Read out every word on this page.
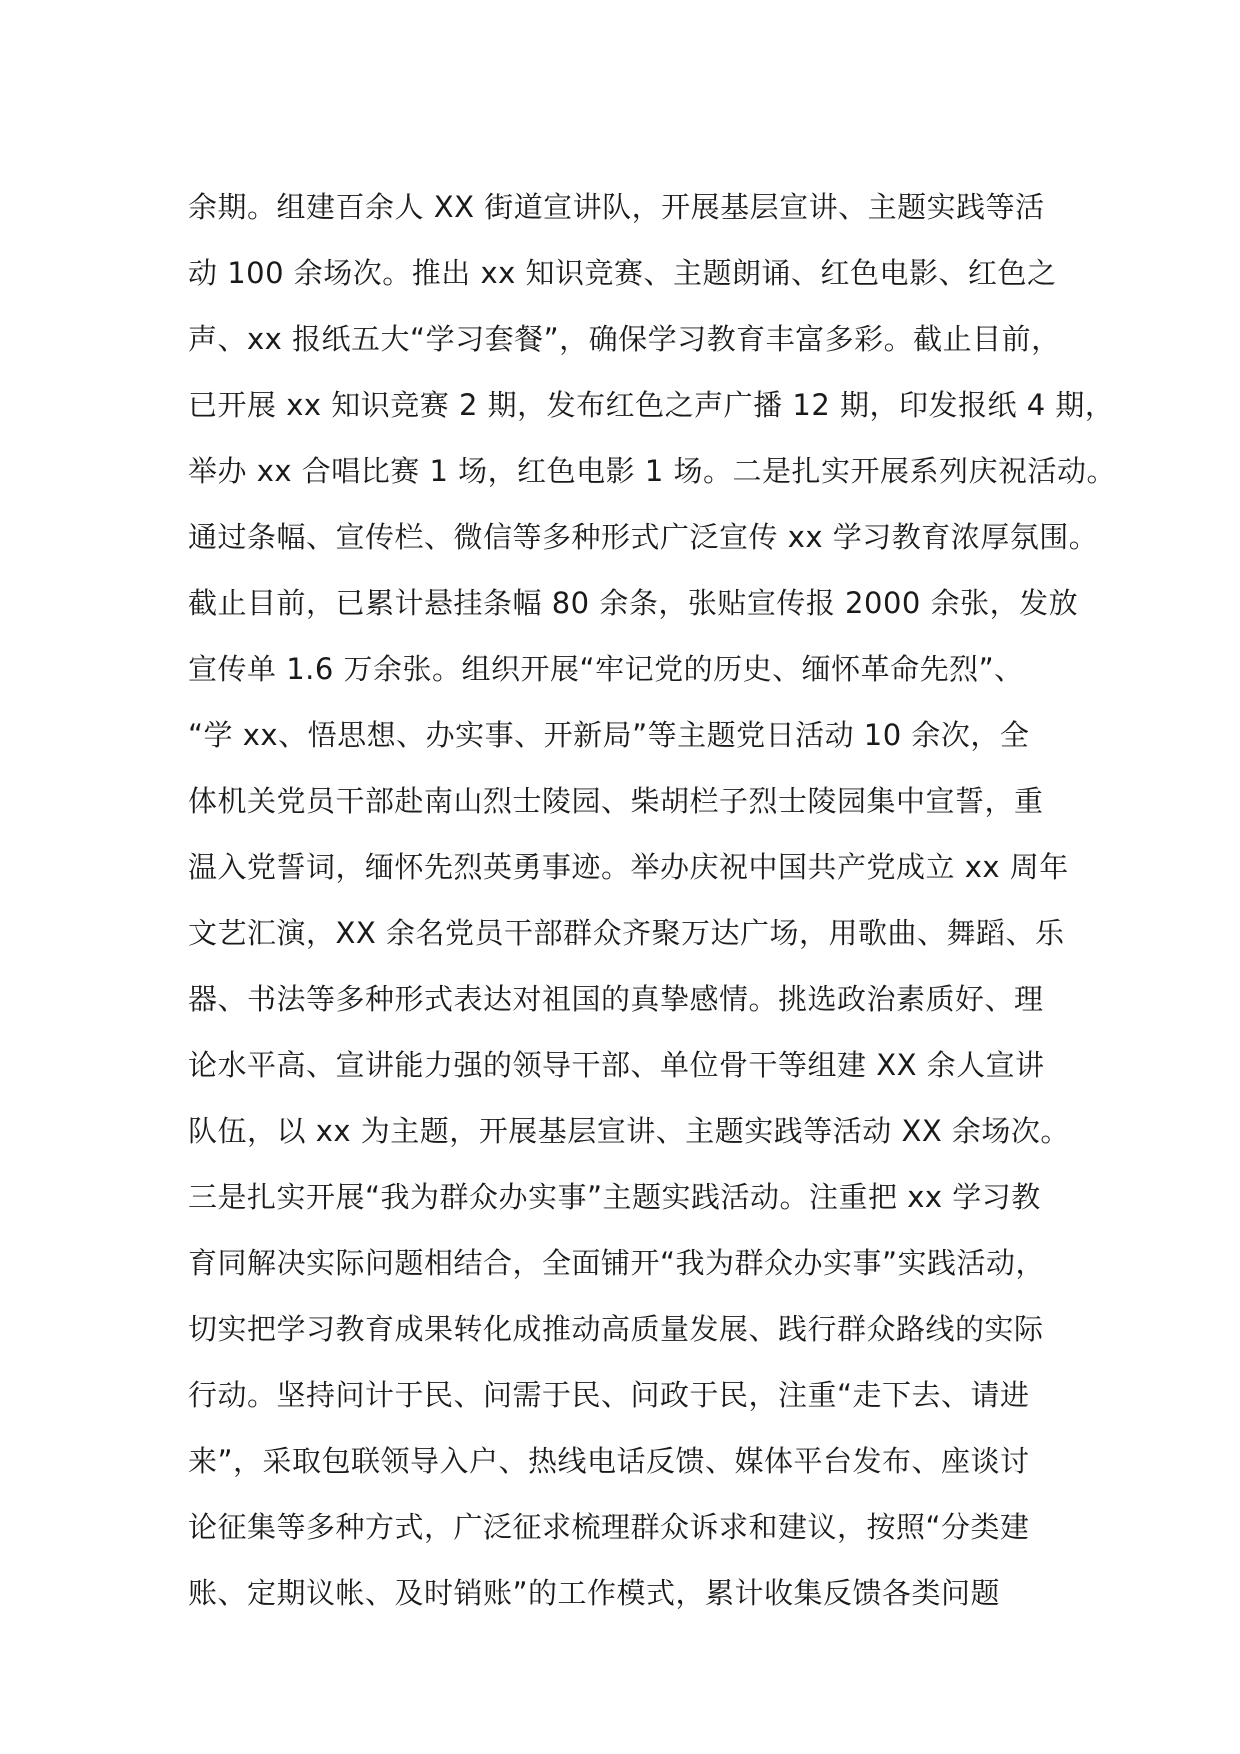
余期。组建百余人 XX 街道宣讲队，开展基层宣讲、主题实践等活
动 100 余场次。推出 xx 知识竞赛、主题朗诵、红色电影、红色之
声、xx 报纸五大“学习套餐”，确保学习教育丰富多彩。截止目前，
已开展 xx 知识竞赛 2 期，发布红色之声广播 12 期，印发报纸 4 期，
举办 xx 合唱比赛 1 场，红色电影 1 场。二是扎实开展系列庆祝活动。
通过条幅、宣传栏、微信等多种形式广泛宣传 xx 学习教育浓厚氛围。
截止目前，已累计悬挂条幅 80 余条，张贴宣传报 2000 余张，发放
宣传单 1.6 万余张。组织开展“牢记党的历史、缅怀革命先烈”、
“学 xx、悟思想、办实事、开新局”等主题党日活动 10 余次，全
体机关党员干部赴南山烈士陵园、柴胡栏子烈士陵园集中宣誓，重
温入党誓词，缅怀先烈英勇事迹。举办庆祝中国共产党成立 xx 周年
文艺汇演，XX 余名党员干部群众齐聚万达广场，用歌曲、舞蹈、乐
器、书法等多种形式表达对祖国的真挚感情。挑选政治素质好、理
论水平高、宣讲能力强的领导干部、单位骨干等组建 XX 余人宣讲
队伍，以 xx 为主题，开展基层宣讲、主题实践等活动 XX 余场次。
三是扎实开展“我为群众办实事”主题实践活动。注重把 xx 学习教
育同解决实际问题相结合，全面铺开“我为群众办实事”实践活动，
切实把学习教育成果转化成推动高质量发展、践行群众路线的实际
行动。坚持问计于民、问需于民、问政于民，注重“走下去、请进
来”，采取包联领导入户、热线电话反馈、媒体平台发布、座谈讨
论征集等多种方式，广泛征求梳理群众诉求和建议，按照“分类建
账、定期议帐、及时销账”的工作模式，累计收集反馈各类问题
